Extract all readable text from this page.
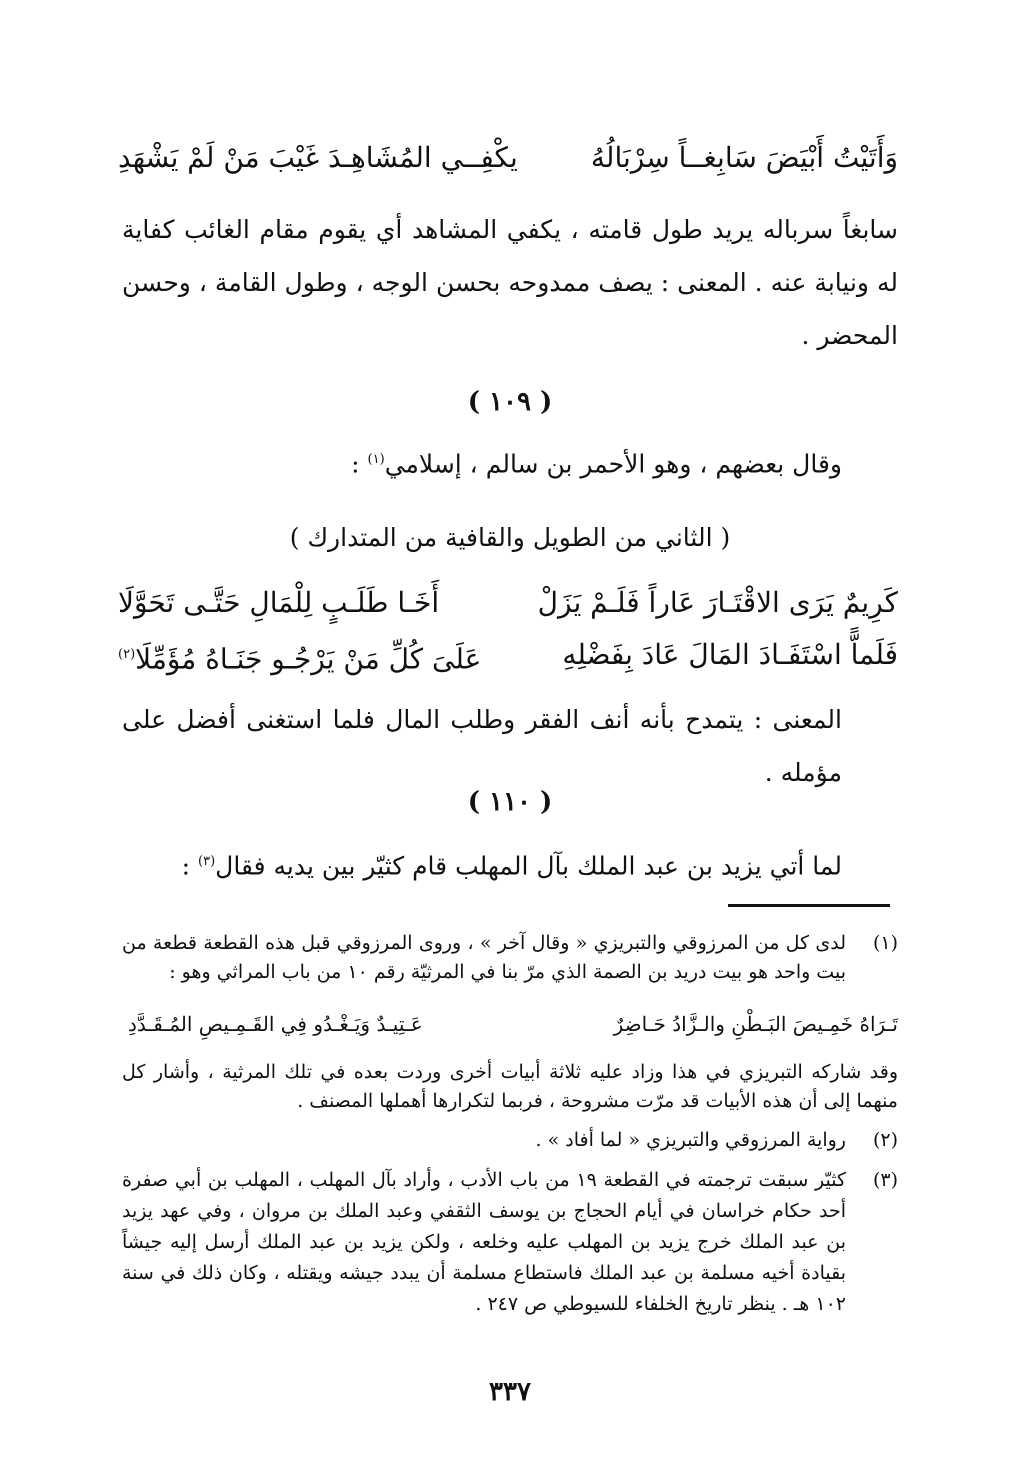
وَأَتَيْتُ أَبْيَضَ سَابِغــاً سِرْبَالُهُ
يكْفِــي المُشَاهِـدَ غَيْبَ مَنْ لَمْ يَشْهَدِ
سابغاً سرباله يريد طول قامته ، يكفي المشاهد أي يقوم مقام الغائب كفاية له ونيابة عنه . المعنى : يصف ممدوحه بحسن الوجه ، وطول القامة ، وحسن المحضر .
( ١٠٩ )
وقال بعضهم ، وهو الأحمر بن سالم ، إسلامي$^{(١)}$ :
( الثاني من الطويل والقافية من المتدارك )
كَرِيمٌ يَرَى الاقْتَـارَ عَاراً فَلَـمْ يَزَلْ
أَخَـا طَلَـبٍ لِلْمَالِ حَتَّـى تَحَوَّلَا
فَلَماًّ اسْتَفَـادَ المَالَ عَادَ بِفَضْلِهِ
عَلَىَ كُلِّ مَنْ يَرْجُـو جَنَـاهُ مُؤَمِّلَا$^{(٢)}$
المعنى : يتمدح بأنه أنف الفقر وطلب المال فلما استغنى أفضل على مؤمله .
( ١١٠ )
لما أتي يزيد بن عبد الملك بآل المهلب قام كثيّر بين يديه فقال$^{(٣)}$ :
(١)
لدى كل من المرزوقي والتبريزي « وقال آخر » ، وروى المرزوقي قبل هذه القطعة قطعة من بيت واحد هو بيت دريد بن الصمة الذي مرّ بنا في المرثيّة رقم ١٠ من باب المراثي وهو :
تَـرَاهُ خَمِـيصَ البَـطْنِ والـزَّادُ حَـاضِرٌ
عَـتِيـدٌ وَيَـغْـدُو فِي القَـمِـيصِ المُـقَـدَّدِ
وقد شاركه التبريزي في هذا وزاد عليه ثلاثة أبيات أخرى وردت بعده في تلك المرثية ، وأشار كل منهما إلى أن هذه الأبيات قد مرّت مشروحة ، فربما لتكرارها أهملها المصنف .
(٢)
رواية المرزوقي والتبريزي « لما أفاد » .
(٣)
كثيّر سبقت ترجمته في القطعة ١٩ من باب الأدب ، وأراد بآل المهلب ، المهلب بن أبي صفرة أحد حكام خراسان في أيام الحجاج بن يوسف الثقفي وعبد الملك بن مروان ، وفي عهد يزيد بن عبد الملك خرج يزيد بن المهلب عليه وخلعه ، ولكن يزيد بن عبد الملك أرسل إليه جيشاً بقيادة أخيه مسلمة بن عبد الملك فاستطاع مسلمة أن يبدد جيشه ويقتله ، وكان ذلك في سنة ١٠٢ هـ . ينظر تاريخ الخلفاء للسيوطي ص ٢٤٧ .
٣٣٧
